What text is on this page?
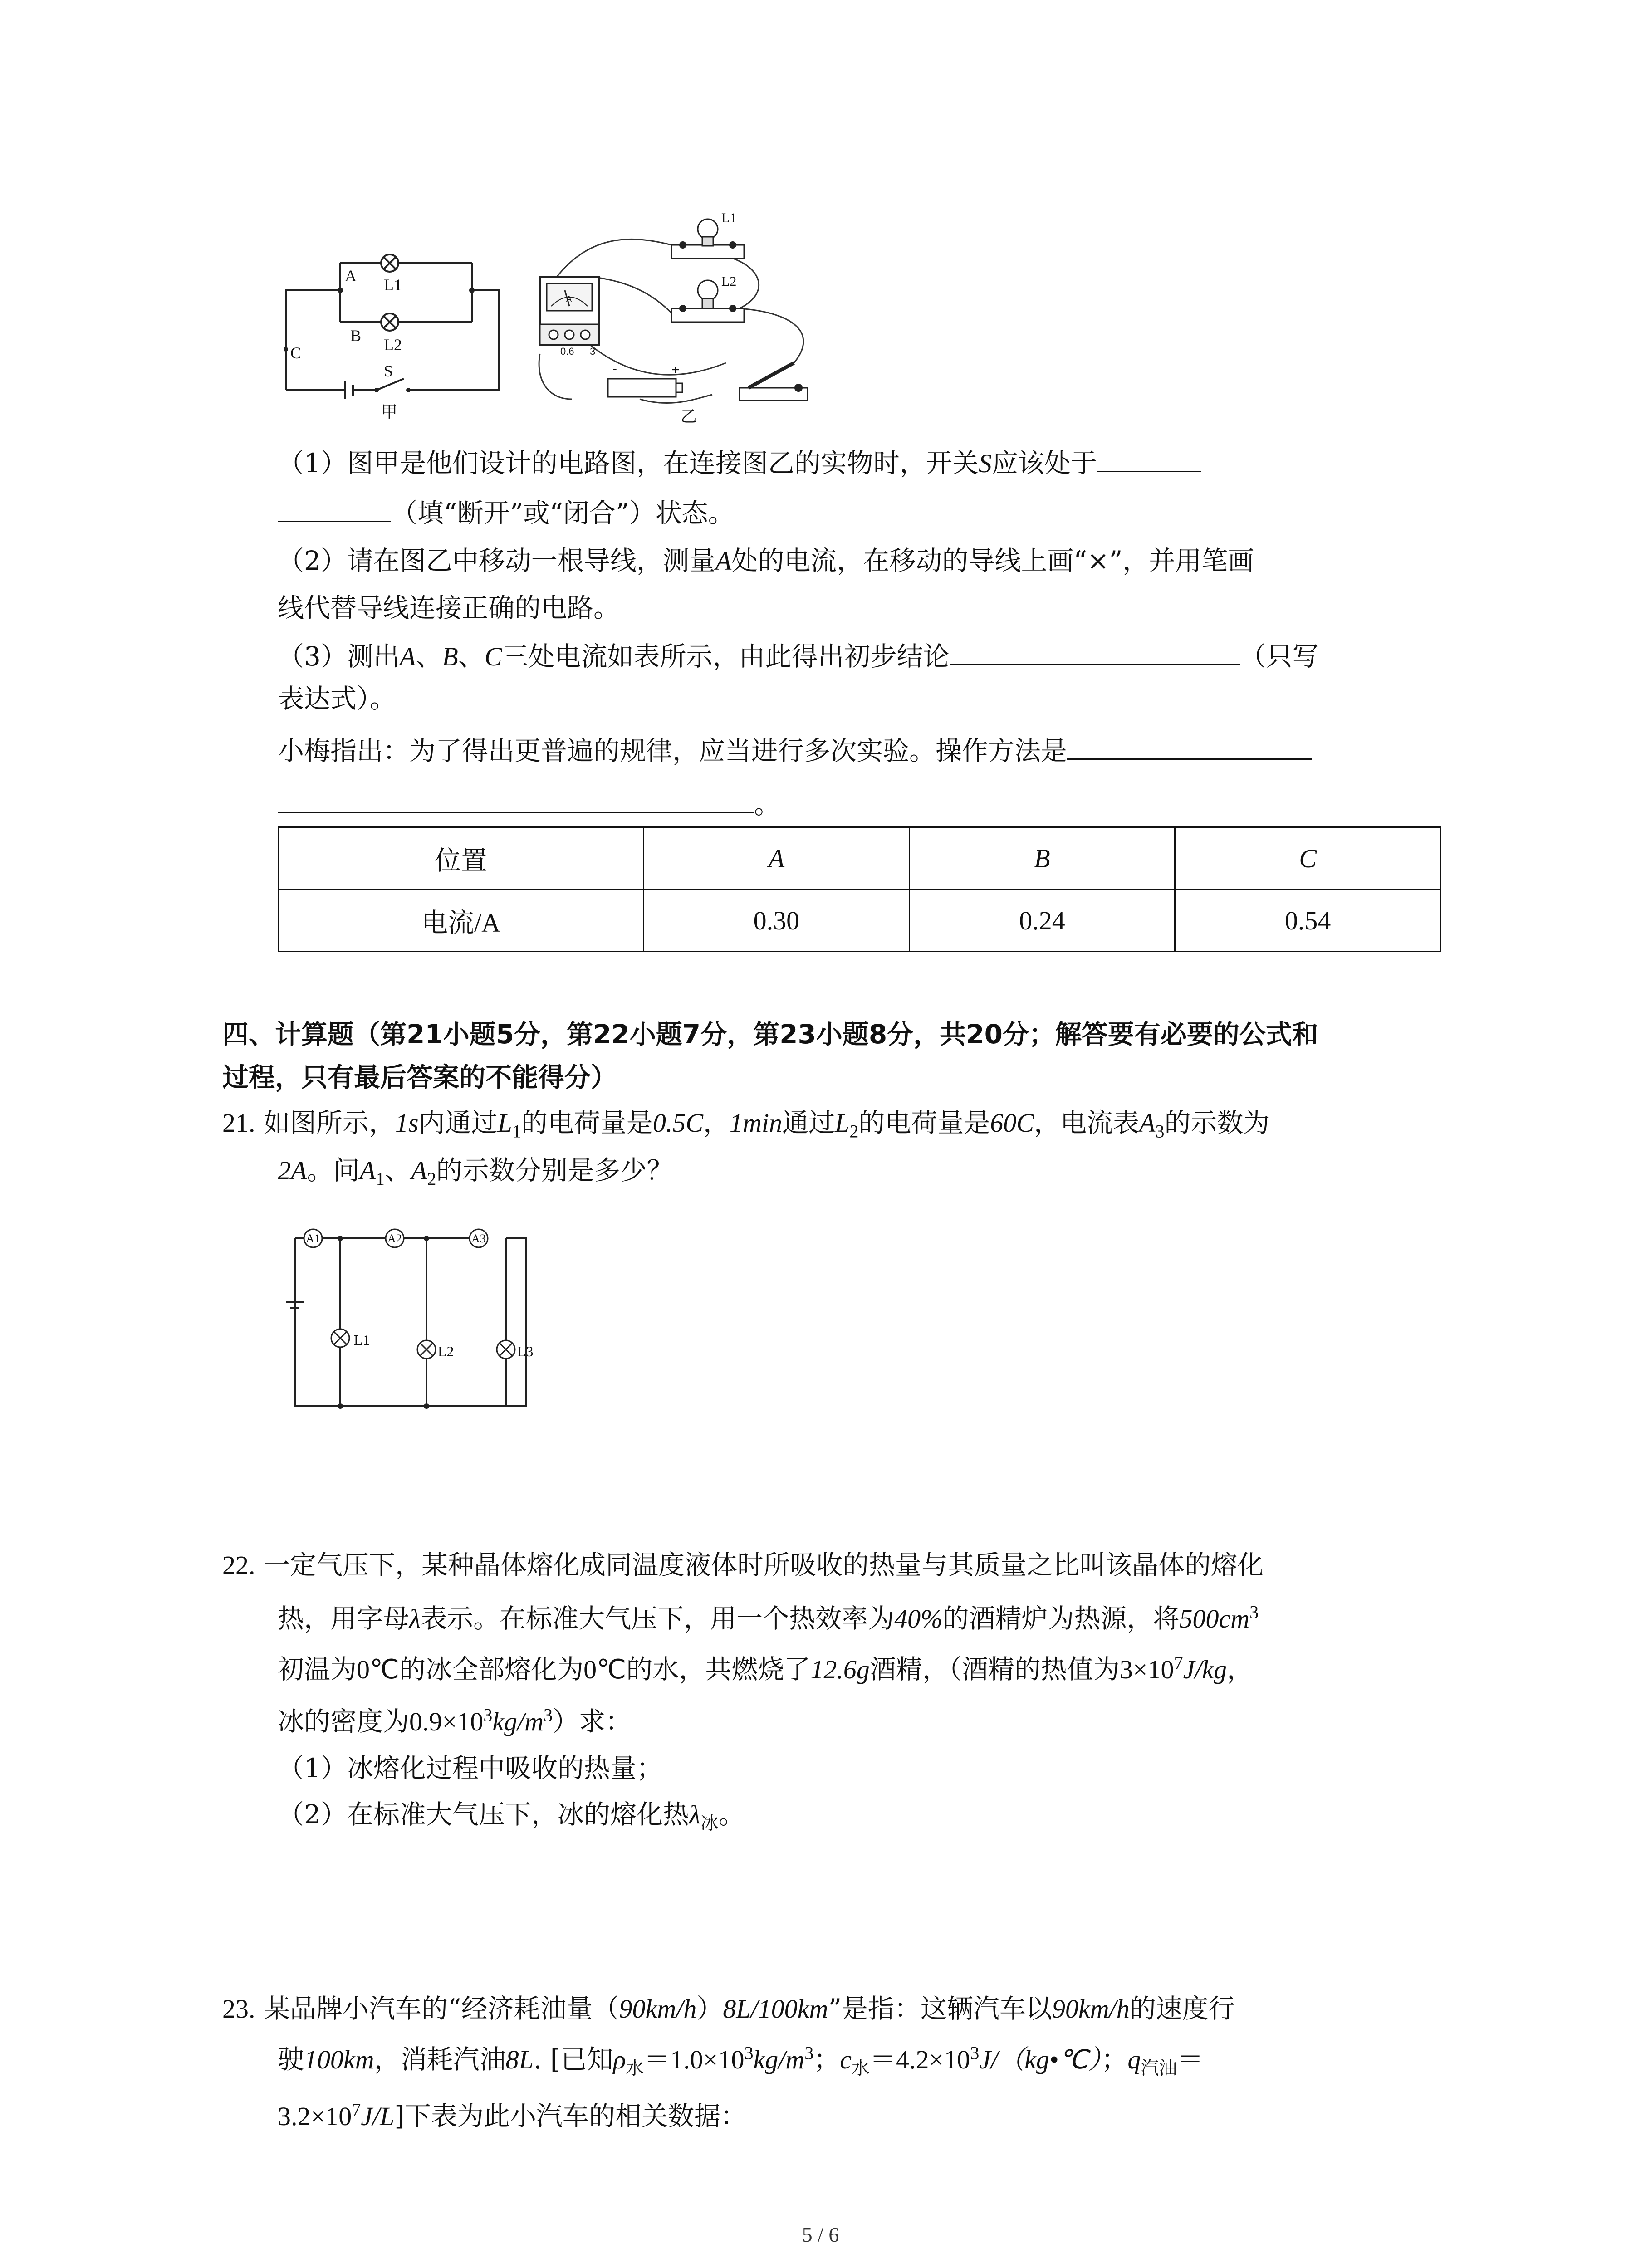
A
B
C
L1
L2
S
甲
A
0.6 3
L1
L2
-	+
乙
（1）图甲是他们设计的电路图，在连接图乙的实物时，开关S应该处于
（填“断开”或“闭合”）状态。
（2）请在图乙中移动一根导线，测量A处的电流，在移动的导线上画“×”，并用笔画
线代替导线连接正确的电路。
（3）测出A、B、C三处电流如表所示，由此得出初步结论	（只写
表达式）。
小梅指出：为了得出更普遍的规律，应当进行多次实验。操作方法是
。
位置	A	B	C
电流/A	0.30	0.24	0.54
四、计算题（第21小题5分，第22小题7分，第23小题8分，共20分；解答要有必要的公式和
过程，只有最后答案的不能得分）
21. 如图所示，1s内通过$L_1$的电荷量是0.5C，1min通过$L_2$的电荷量是60C，电流表$A_3$的示数为
2A。问$A_1$、$A_2$的示数分别是多少？
A1	A2	A3
L1
L2	L3
22. 一定气压下，某种晶体熔化成同温度液体时所吸收的热量与其质量之比叫该晶体的熔化
热，用字母λ表示。在标准大气压下，用一个热效率为40%的酒精炉为热源，将$500cm^3$
初温为0℃的冰全部熔化为0℃的水，共燃烧了12.6g酒精，（酒精的热值为$3\times 10^7J/kg$，
冰的密度为$0.9\times 10^3kg/m^3$）求：
（1）冰熔化过程中吸收的热量；
（2）在标准大气压下，冰的熔化热$\lambda_冰$。
23. 某品牌小汽车的“经济耗油量（90km/h）8L/100km”是指：这辆汽车以90km/h的速度行
驶100km，消耗汽油8L. [已知$\rho_水=1.0\times 10^3kg/m^3$；$c_水=4.2\times 10^3J/(kg•℃)$；$q_{汽油}=$
$3.2\times 10^7J/L$]下表为此小汽车的相关数据：
5 / 6
